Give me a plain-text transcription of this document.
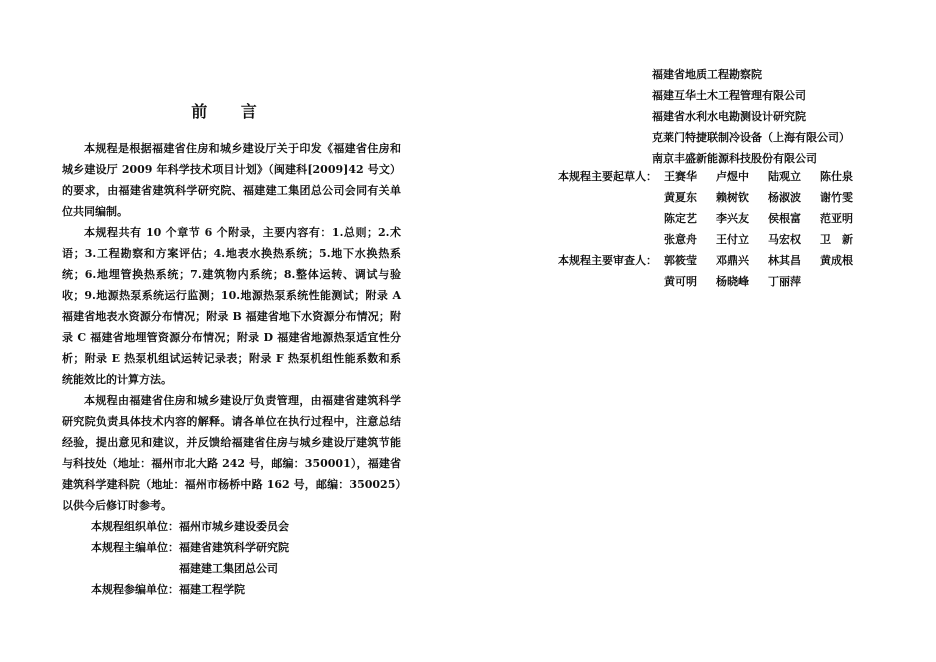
前 言

本规程是根据福建省住房和城乡建设厅关于印发《福建省住房和城乡建设厅 2009 年科学技术项目计划》（闽建科[2009]42 号文）的要求，由福建省建筑科学研究院、福建建工集团总公司会同有关单位共同编制。

本规程共有 10 个章节 6 个附录，主要内容有：1.总则；2.术语；3.工程勘察和方案评估；4.地表水换热系统；5.地下水换热系统；6.地埋管换热系统；7.建筑物内系统；8.整体运转、调试与验收；9.地源热泵系统运行监测；10.地源热泵系统性能测试；附录 A 福建省地表水资源分布情况；附录 B 福建省地下水资源分布情况；附录 C 福建省地埋管资源分布情况；附录 D 福建省地源热泵适宜性分析；附录 E 热泵机组试运转记录表；附录 F 热泵机组性能系数和系统能效比的计算方法。

本规程由福建省住房和城乡建设厅负责管理，由福建省建筑科学研究院负责具体技术内容的解释。请各单位在执行过程中，注意总结经验，提出意见和建议，并反馈给福建省住房与城乡建设厅建筑节能与科技处（地址：福州市北大路 242 号，邮编：350001），福建省建筑科学建科院（地址：福州市杨桥中路 162 号，邮编：350025）以供今后修订时参考。

本规程组织单位： 福州市城乡建设委员会
本规程主编单位： 福建省建筑科学研究院
福建建工集团总公司
本规程参编单位： 福建工程学院
福建省地质工程勘察院
福建互华土木工程管理有限公司
福建省水利水电勘测设计研究院
克莱门特捷联制冷设备（上海有限公司）
南京丰盛新能源科技股份有限公司
本规程主要起草人： 王赛华	卢煜中	陆观立	陈仕泉
黄夏东	赖树钦	杨淑波	谢竹雯
陈定艺	李兴友	侯根富	范亚明
张意舟	王付立	马宏权	卫　新
本规程主要审查人： 郭筱莹	邓鼎兴	林其昌	黄成根
黄可明	杨晓峰	丁丽萍
